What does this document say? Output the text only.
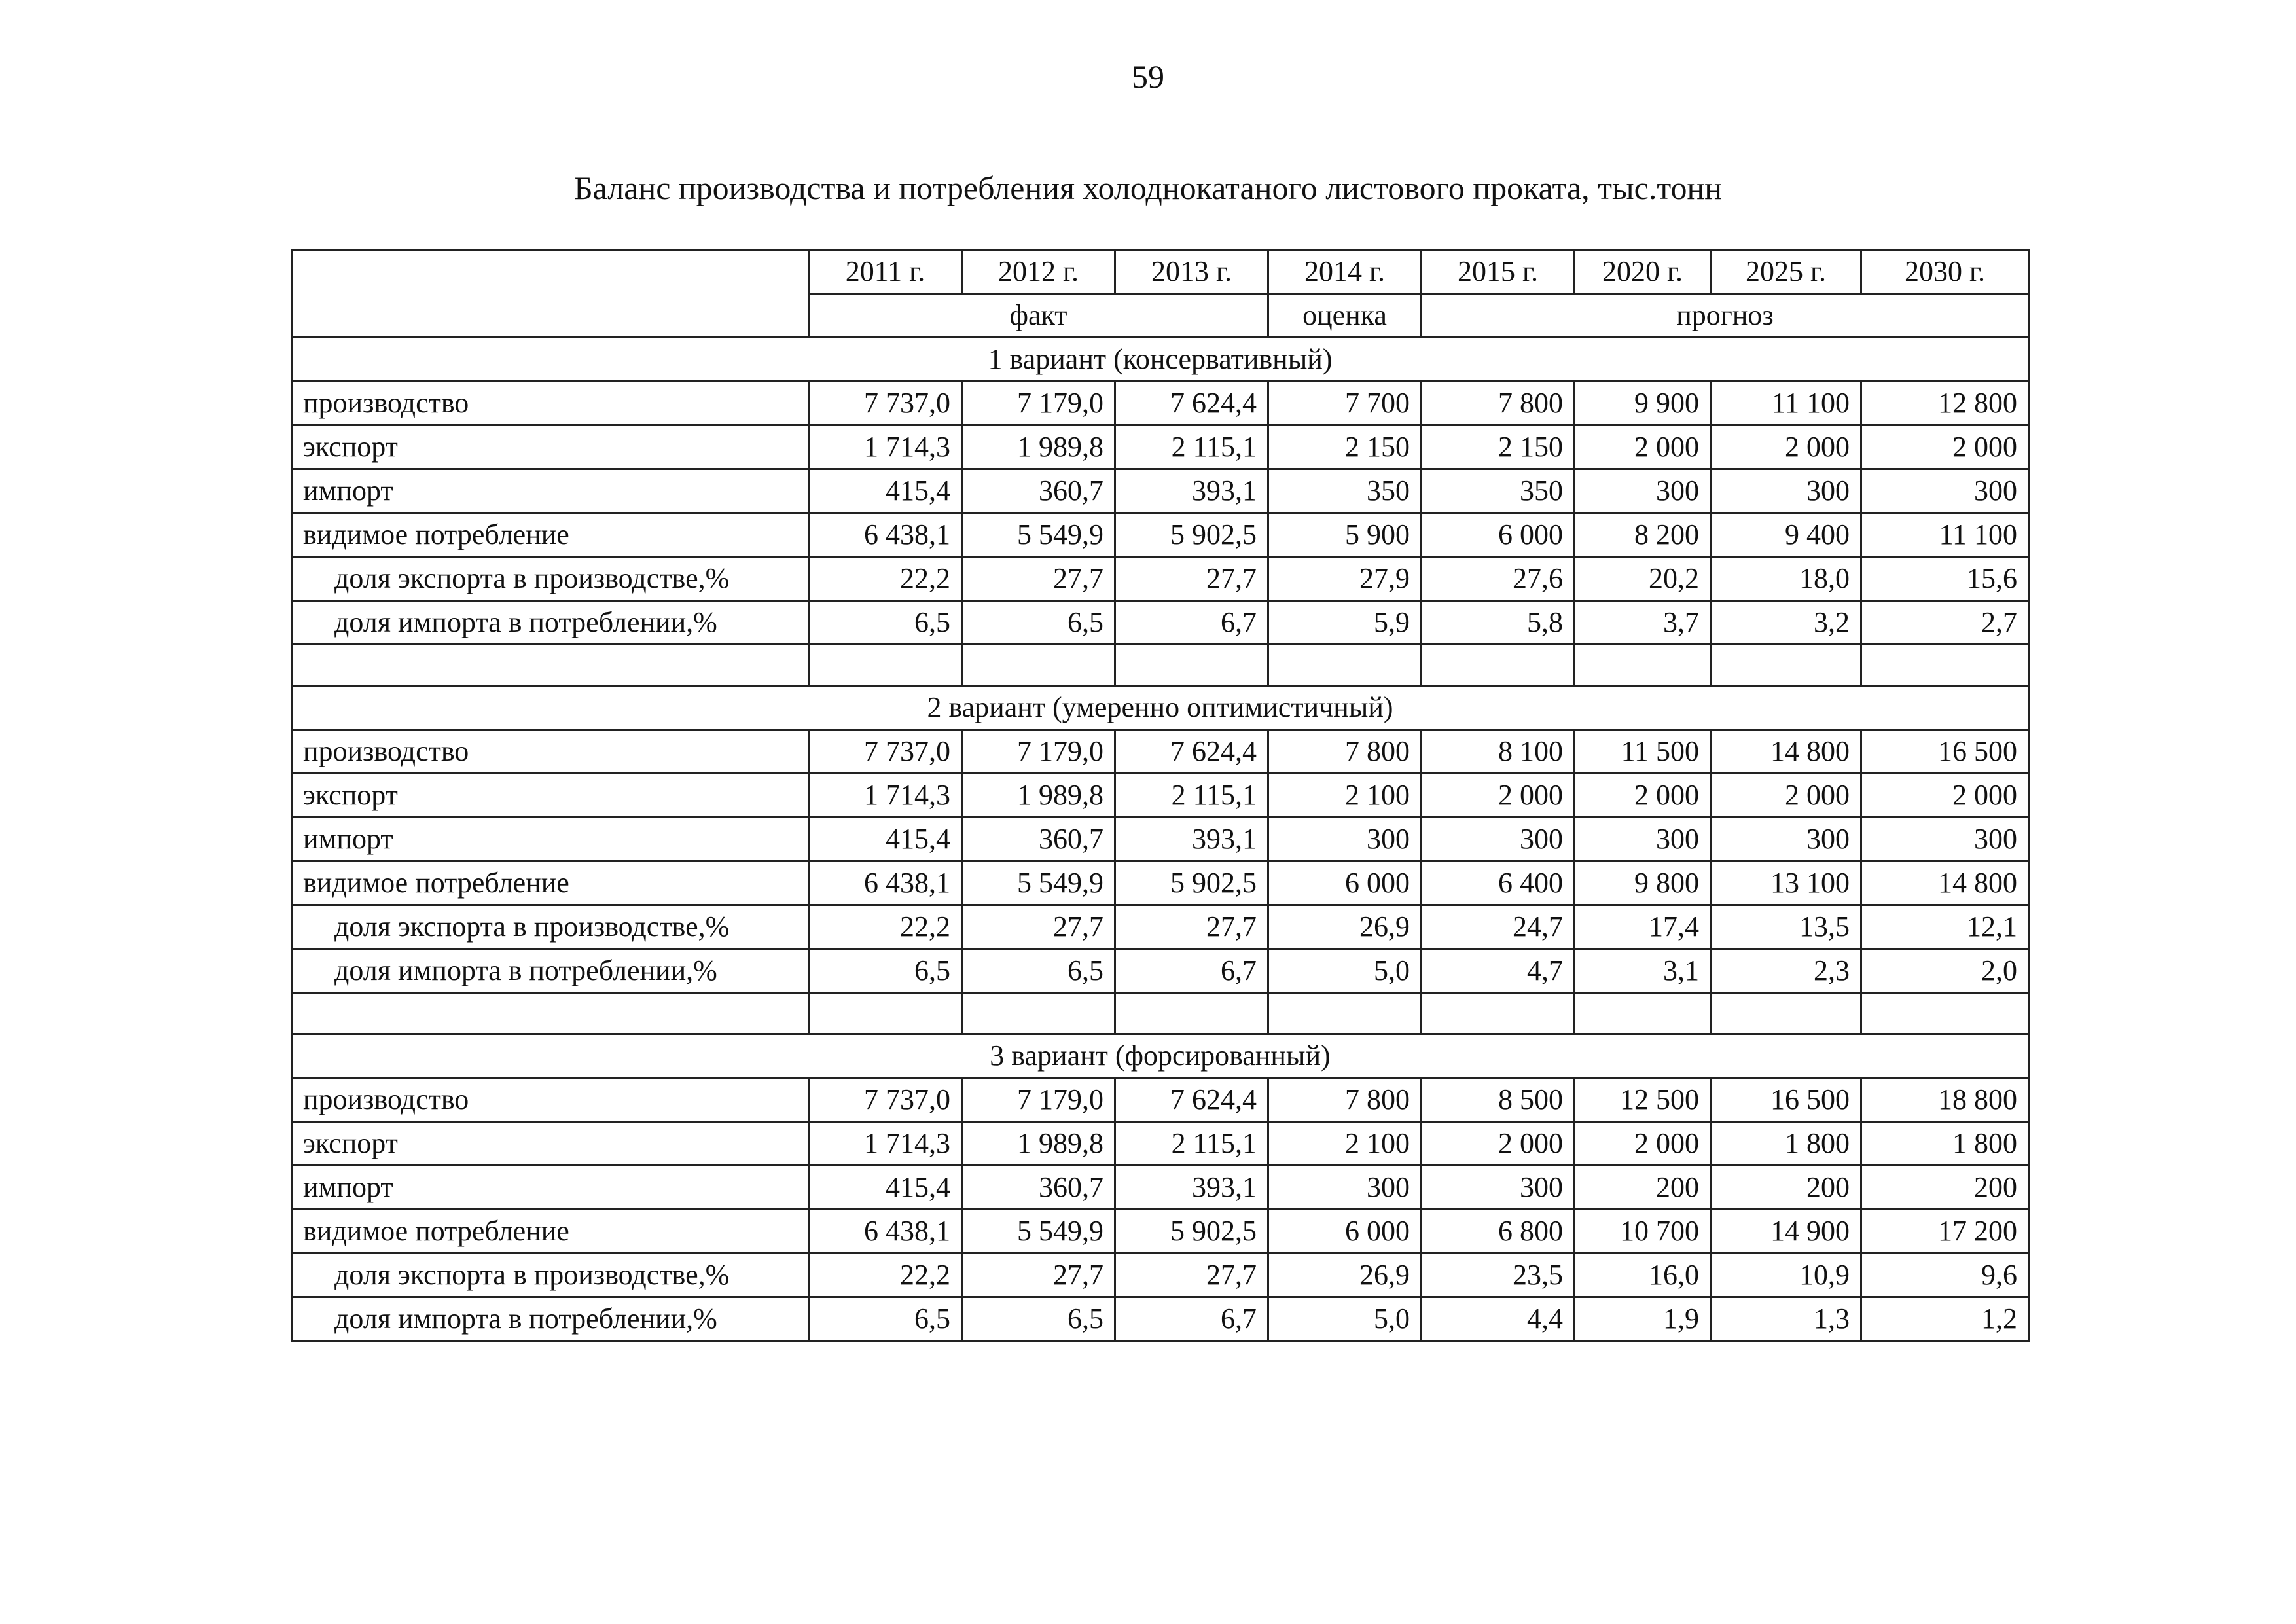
59
Баланс производства и потребления холоднокатаного листового проката, тыс.тонн
	2011 г.	2012 г.	2013 г.	2014 г.	2015 г.	2020 г.	2025 г.	2030 г.
	факт			оценка	прогноз			
1 вариант (консервативный)								
производство	7 737,0	7 179,0	7 624,4	7 700	7 800	9 900	11 100	12 800
экспорт	1 714,3	1 989,8	2 115,1	2 150	2 150	2 000	2 000	2 000
импорт	415,4	360,7	393,1	350	350	300	300	300
видимое потребление	6 438,1	5 549,9	5 902,5	5 900	6 000	8 200	9 400	11 100
доля экспорта в производстве,%	22,2	27,7	27,7	27,9	27,6	20,2	18,0	15,6
доля импорта в потреблении,%	6,5	6,5	6,7	5,9	5,8	3,7	3,2	2,7

2 вариант (умеренно оптимистичный)								
производство	7 737,0	7 179,0	7 624,4	7 800	8 100	11 500	14 800	16 500
экспорт	1 714,3	1 989,8	2 115,1	2 100	2 000	2 000	2 000	2 000
импорт	415,4	360,7	393,1	300	300	300	300	300
видимое потребление	6 438,1	5 549,9	5 902,5	6 000	6 400	9 800	13 100	14 800
доля экспорта в производстве,%	22,2	27,7	27,7	26,9	24,7	17,4	13,5	12,1
доля импорта в потреблении,%	6,5	6,5	6,7	5,0	4,7	3,1	2,3	2,0

3 вариант (форсированный)								
производство	7 737,0	7 179,0	7 624,4	7 800	8 500	12 500	16 500	18 800
экспорт	1 714,3	1 989,8	2 115,1	2 100	2 000	2 000	1 800	1 800
импорт	415,4	360,7	393,1	300	300	200	200	200
видимое потребление	6 438,1	5 549,9	5 902,5	6 000	6 800	10 700	14 900	17 200
доля экспорта в производстве,%	22,2	27,7	27,7	26,9	23,5	16,0	10,9	9,6
доля импорта в потреблении,%	6,5	6,5	6,7	5,0	4,4	1,9	1,3	1,2
